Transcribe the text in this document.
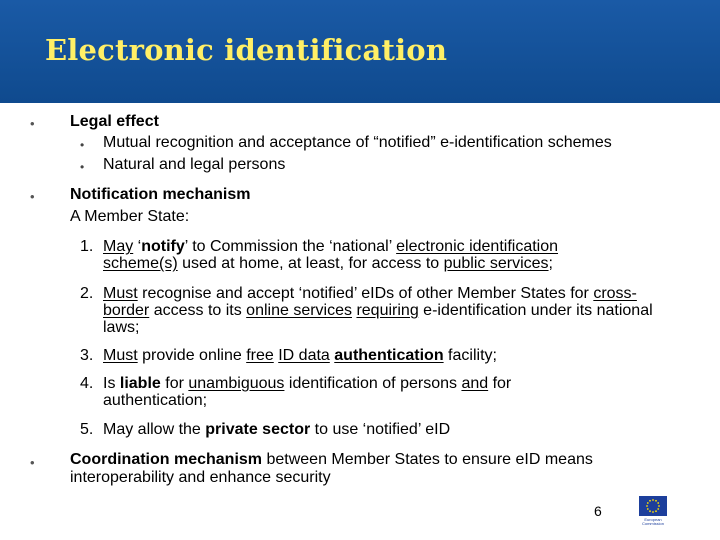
Electronic identification
• Legal effect
• Mutual recognition and acceptance of “notified” e-identification schemes
• Natural and legal persons
• Notification mechanism
A Member State:
1. May ‘notify’ to Commission the ‘national’ electronic identification scheme(s) used at home, at least, for access to public services;
2. Must recognise and accept ‘notified’ eIDs of other Member States for cross-border access to its online services requiring e-identification under its national laws;
3. Must provide online free ID data authentication facility;
4. Is liable for unambiguous identification of persons and for authentication;
5. May allow the private sector to use ‘notified’ eID
• Coordination mechanism between Member States to ensure eID means interoperability and enhance security
6
European Commission
